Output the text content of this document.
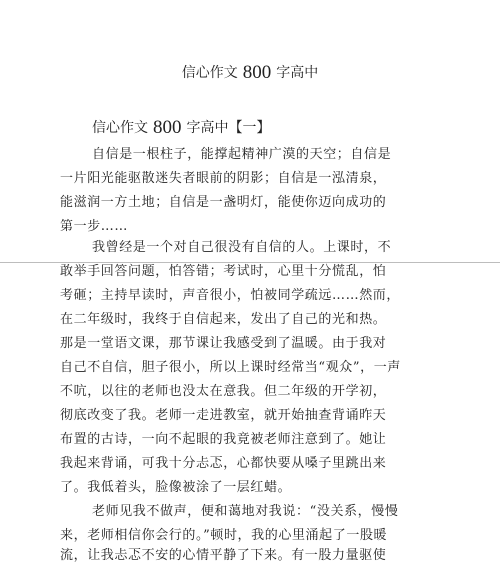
信心作文 800 字高中
信心作文 800 字高中【一】
自信是一根柱子，能撑起精神广漠的天空；自信是
一片阳光能驱散迷失者眼前的阴影；自信是一泓清泉，
能滋润一方土地；自信是一盏明灯，能使你迈向成功的
第一步……
我曾经是一个对自己很没有自信的人。上课时，不
敢举手回答问题，怕答错；考试时，心里十分慌乱，怕
考砸；主持早读时，声音很小，怕被同学疏远……然而，
在二年级时，我终于自信起来，发出了自己的光和热。
那是一堂语文课，那节课让我感受到了温暖。由于我对
自己不自信，胆子很小，所以上课时经常当“观众”，一声
不吭，以往的老师也没太在意我。但二年级的开学初，
彻底改变了我。老师一走进教室，就开始抽查背诵昨天
布置的古诗，一向不起眼的我竟被老师注意到了。她让
我起来背诵，可我十分忐忑，心都快要从嗓子里跳出来
了。我低着头，脸像被涂了一层红蜡。
老师见我不做声，便和蔼地对我说：“没关系，慢慢
来，老师相信你会行的。”顿时，我的心里涌起了一股暖
流，让我忐忑不安的心情平静了下来。有一股力量驱使
